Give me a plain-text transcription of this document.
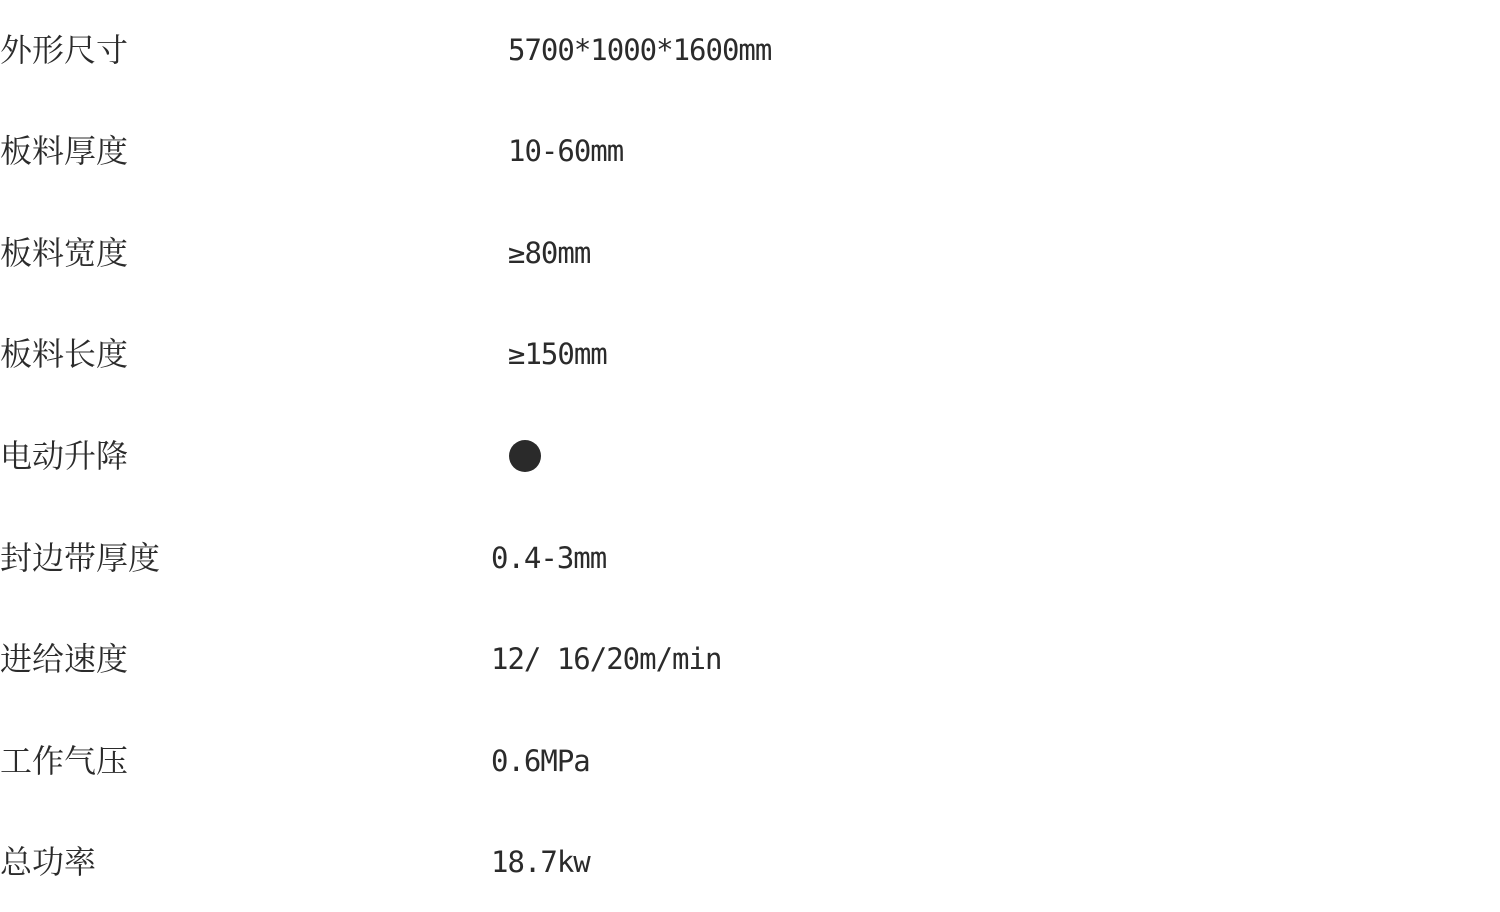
外形尺寸	5700*1000*1600mm
板料厚度	10-60mm
板料宽度	≥80mm
板料长度	≥150mm
电动升降
封边带厚度	0.4-3mm
进给速度	12/ 16/20m/min
工作气压	0.6MPa
总功率	18.7kw
